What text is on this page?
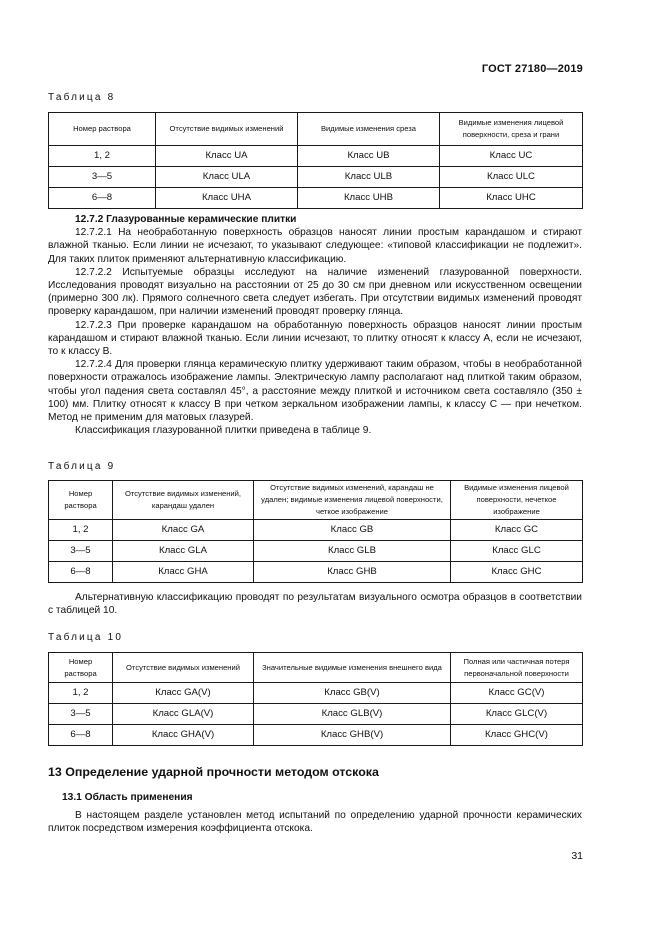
ГОСТ 27180—2019
Таблица 8
Номер раствора	Отсутствие видимых изменений	Видимые изменения среза	Видимые изменения лицевой поверхности, среза и грани
1, 2	Класс UA	Класс UB	Класс UC
3—5	Класс ULA	Класс ULB	Класс ULC
6—8	Класс UHA	Класс UHB	Класс UHC

12.7.2 Глазурованные керамические плитки

12.7.2.1 На необработанную поверхность образцов наносят линии простым карандашом и стирают влажной тканью. Если линии не исчезают, то указывают следующее: «типовой классификации не подлежит». Для таких плиток применяют альтернативную классификацию.

12.7.2.2 Испытуемые образцы исследуют на наличие изменений глазурованной поверхности. Исследования проводят визуально на расстоянии от 25 до 30 см при дневном или искусственном освещении (примерно 300 лк). Прямого солнечного света следует избегать. При отсутствии видимых изменений проводят проверку карандашом, при наличии изменений проводят проверку глянца.

12.7.2.3 При проверке карандашом на обработанную поверхность образцов наносят линии простым карандашом и стирают влажной тканью. Если линии исчезают, то плитку относят к классу А, если не исчезают, то к классу В.

12.7.2.4 Для проверки глянца керамическую плитку удерживают таким образом, чтобы в необработанной поверхности отражалось изображение лампы. Электрическую лампу располагают над плиткой таким образом, чтобы угол падения света составлял 45°, а расстояние между плиткой и источником света составляло (350 ± 100) мм. Плитку относят к классу В при четком зеркальном изображении лампы, к классу С — при нечетком. Метод не применим для матовых глазурей.

Классификация глазурованной плитки приведена в таблице 9.

Таблица 9
Номер раствора	Отсутствие видимых изменений, карандаш удален	Отсутствие видимых изменений, карандаш не удален; видимые изменения лицевой поверхности, четкое изображение	Видимые изменения лицевой поверхности, нечеткое изображение
1, 2	Класс GA	Класс GB	Класс GC
3—5	Класс GLA	Класс GLB	Класс GLC
6—8	Класс GHA	Класс GHB	Класс GHC

Альтернативную классификацию проводят по результатам визуального осмотра образцов в соответствии с таблицей 10.

Таблица 10
Номер раствора	Отсутствие видимых изменений	Значительные видимые изменения внешнего вида	Полная или частичная потеря первоначальной поверхности
1, 2	Класс GA(V)	Класс GB(V)	Класс GC(V)
3—5	Класс GLA(V)	Класс GLB(V)	Класс GLC(V)
6—8	Класс GHA(V)	Класс GHB(V)	Класс GHC(V)
13 Определение ударной прочности методом отскока
13.1 Область применения

В настоящем разделе установлен метод испытаний по определению ударной прочности керамических плиток посредством измерения коэффициента отскока.

31
